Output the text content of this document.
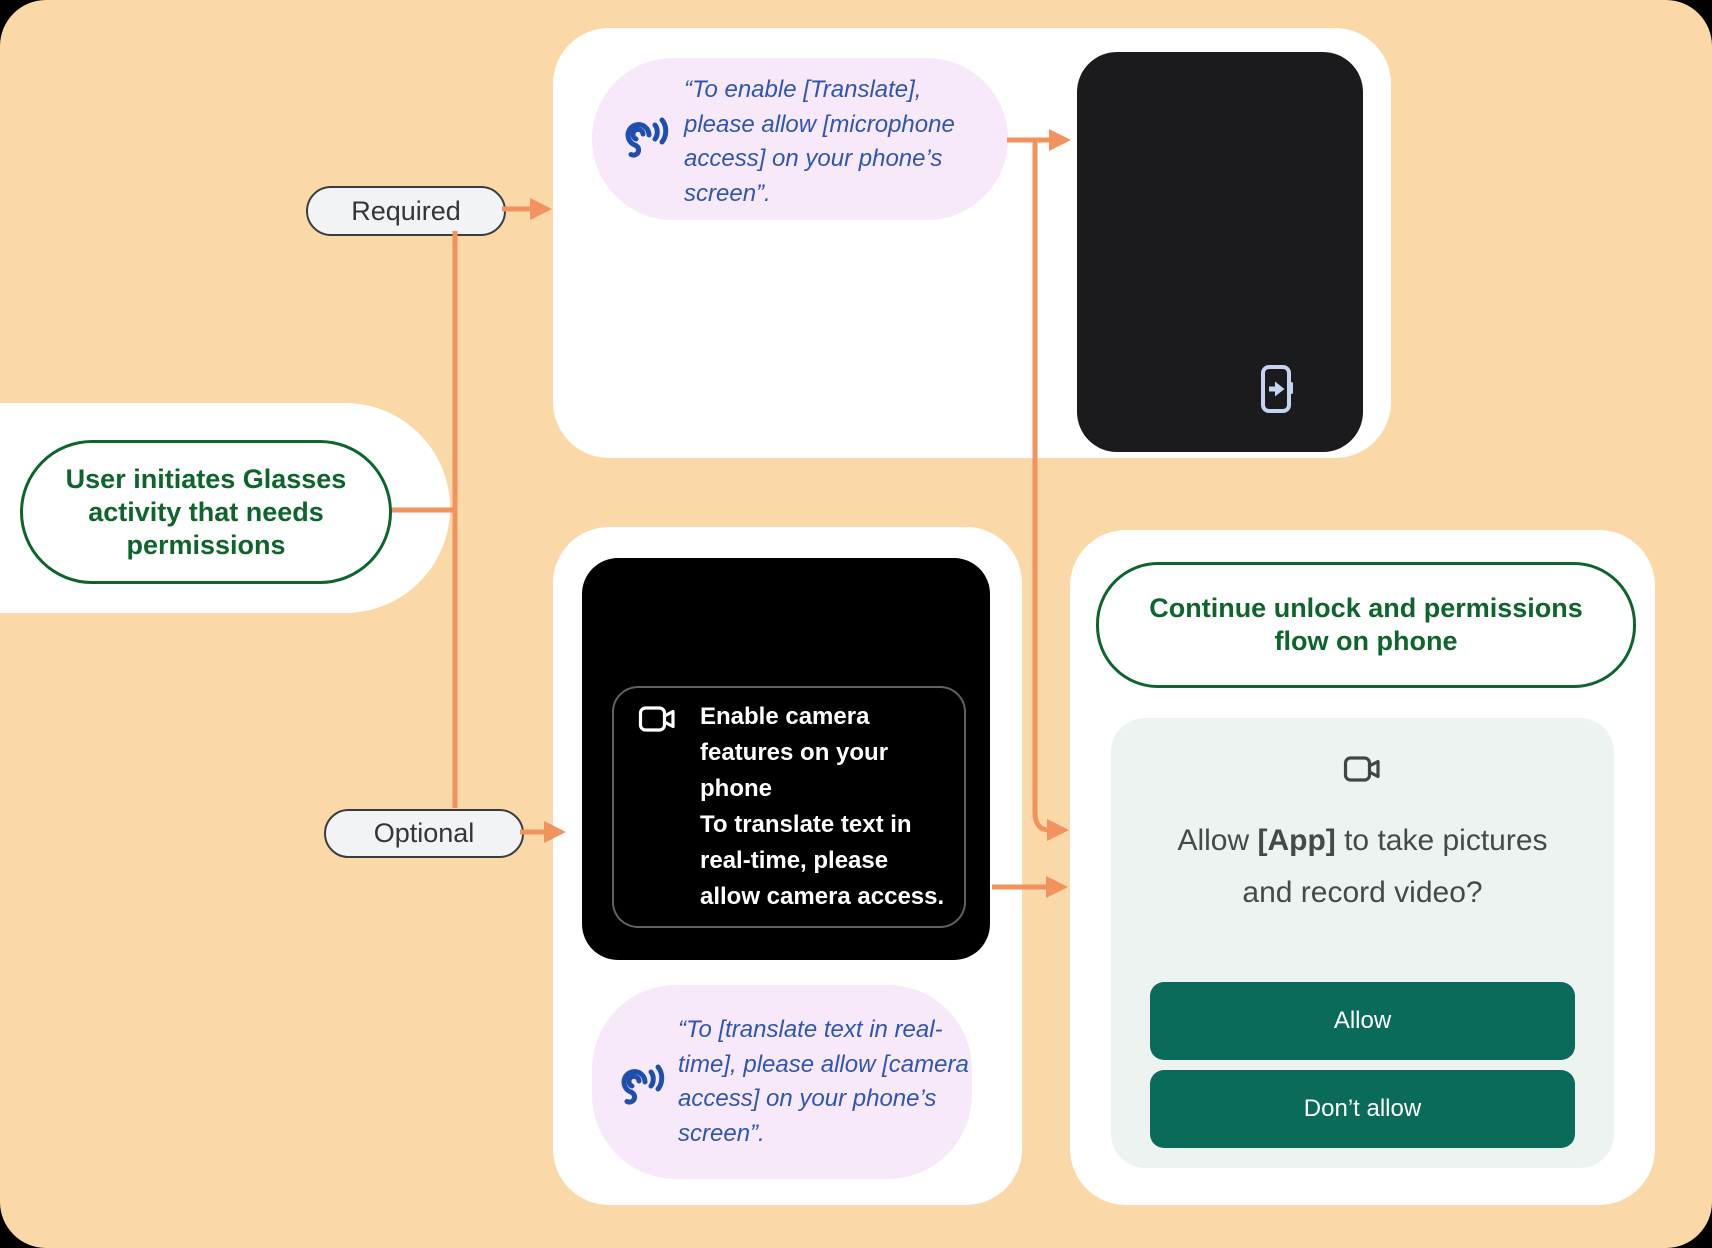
“To enable [Translate],
please allow [microphone
access] on your phone’s
screen”.
Enable camera
features on your
phone
To translate text in
real-time, please
allow camera access.
“To [translate text in real-
time], please allow [camera
access] on your phone’s
screen”.
Continue unlock and permissions
flow on phone
Allow [App] to take pictures
and record video?
Allow
Don’t allow
User initiates Glasses
activity that needs
permissions
Required
Optional
